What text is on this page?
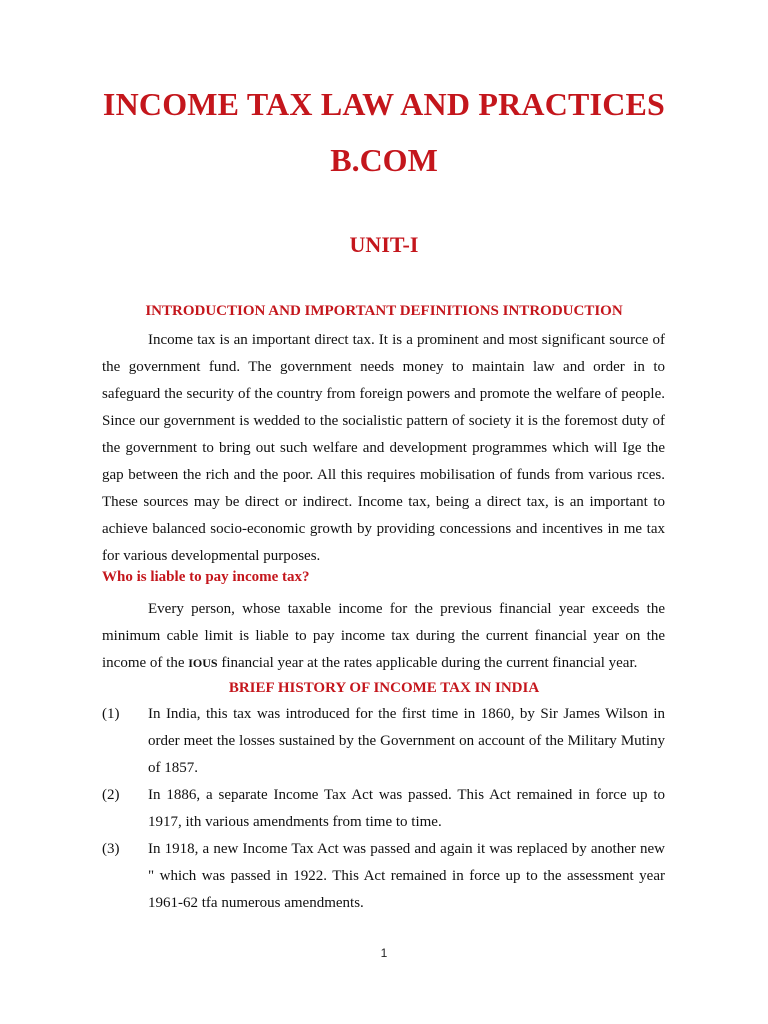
INCOME TAX LAW AND PRACTICES
B.COM
UNIT-I
INTRODUCTION AND IMPORTANT DEFINITIONS INTRODUCTION

Income tax is an important direct tax. It is a prominent and most significant source of the government fund. The government needs money to maintain law and order in to safeguard the security of the country from foreign powers and promote the welfare of people. Since our government is wedded to the socialistic pattern of society it is the foremost duty of the government to bring out such welfare and development programmes which will Ige the gap between the rich and the poor. All this requires mobilisation of funds from various rces. These sources may be direct or indirect. Income tax, being a direct tax, is an important to achieve balanced socio-economic growth by providing concessions and incentives in me tax for various developmental purposes.

Who is liable to pay income tax?

Every person, whose taxable income for the previous financial year exceeds the minimum cable limit is liable to pay income tax during the current financial year on the income of the IOUS financial year at the rates applicable during the current financial year.

BRIEF HISTORY OF INCOME TAX IN INDIA
(1) In India, this tax was introduced for the first time in 1860, by Sir James Wilson in order meet the losses sustained by the Government on account of the Military Mutiny of 1857.

(2) In 1886, a separate Income Tax Act was passed. This Act remained in force up to 1917, ith various amendments from time to time.

(3) In 1918, a new Income Tax Act was passed and again it was replaced by another new " which was passed in 1922. This Act remained in force up to the assessment year 1961-62 tfa numerous amendments.

1
